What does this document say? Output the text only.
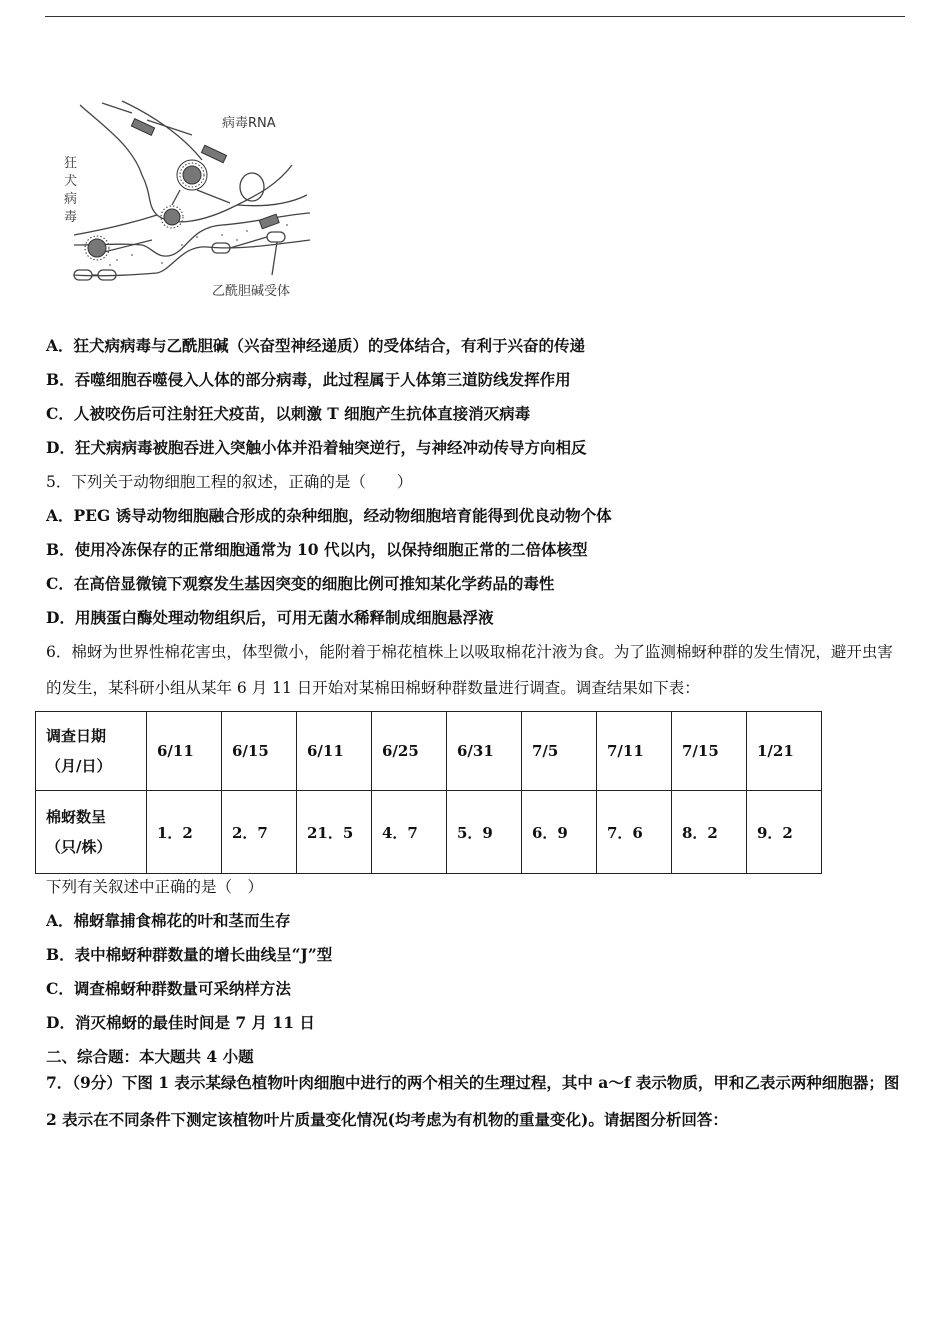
病毒RNA
狂 犬 病 毒
乙酰胆碱受体
A．狂犬病病毒与乙酰胆碱（兴奋型神经递质）的受体结合，有利于兴奋的传递
B．吞噬细胞吞噬侵入人体的部分病毒，此过程属于人体第三道防线发挥作用
C．人被咬伤后可注射狂犬疫苗，以刺激 T 细胞产生抗体直接消灭病毒
D．狂犬病病毒被胞吞进入突触小体并沿着轴突逆行，与神经冲动传导方向相反
5．下列关于动物细胞工程的叙述，正确的是（　　）
A．PEG 诱导动物细胞融合形成的杂种细胞，经动物细胞培育能得到优良动物个体
B．使用冷冻保存的正常细胞通常为 10 代以内，以保持细胞正常的二倍体核型
C．在高倍显微镜下观察发生基因突变的细胞比例可推知某化学药品的毒性
D．用胰蛋白酶处理动物组织后，可用无菌水稀释制成细胞悬浮液
6．棉蚜为世界性棉花害虫，体型微小，能附着于棉花植株上以吸取棉花汁液为食。为了监测棉蚜种群的发生情况，避开虫害的发生，某科研小组从某年 6 月 11 日开始对某棉田棉蚜种群数量进行调查。调查结果如下表：
调查日期
（月/日）	6/11	6/15	6/11	6/25	6/31	7/5	7/11	7/15	1/21

棉蚜数呈
（只/株）	1．2	2．7	21．5	4．7	5．9	6．9	7．6	8．2	9．2
下列有关叙述中正确的是（　）
A．棉蚜靠捕食棉花的叶和茎而生存
B．表中棉蚜种群数量的增长曲线呈“J”型
C．调查棉蚜种群数量可采纳样方法
D．消灭棉蚜的最佳时间是 7 月 11 日
二、综合题：本大题共 4 小题
7．（9分）下图 1 表示某绿色植物叶肉细胞中进行的两个相关的生理过程，其中 a～f 表示物质，甲和乙表示两种细胞器；图 2 表示在不同条件下测定该植物叶片质量变化情况(均考虑为有机物的重量变化)。请据图分析回答：
